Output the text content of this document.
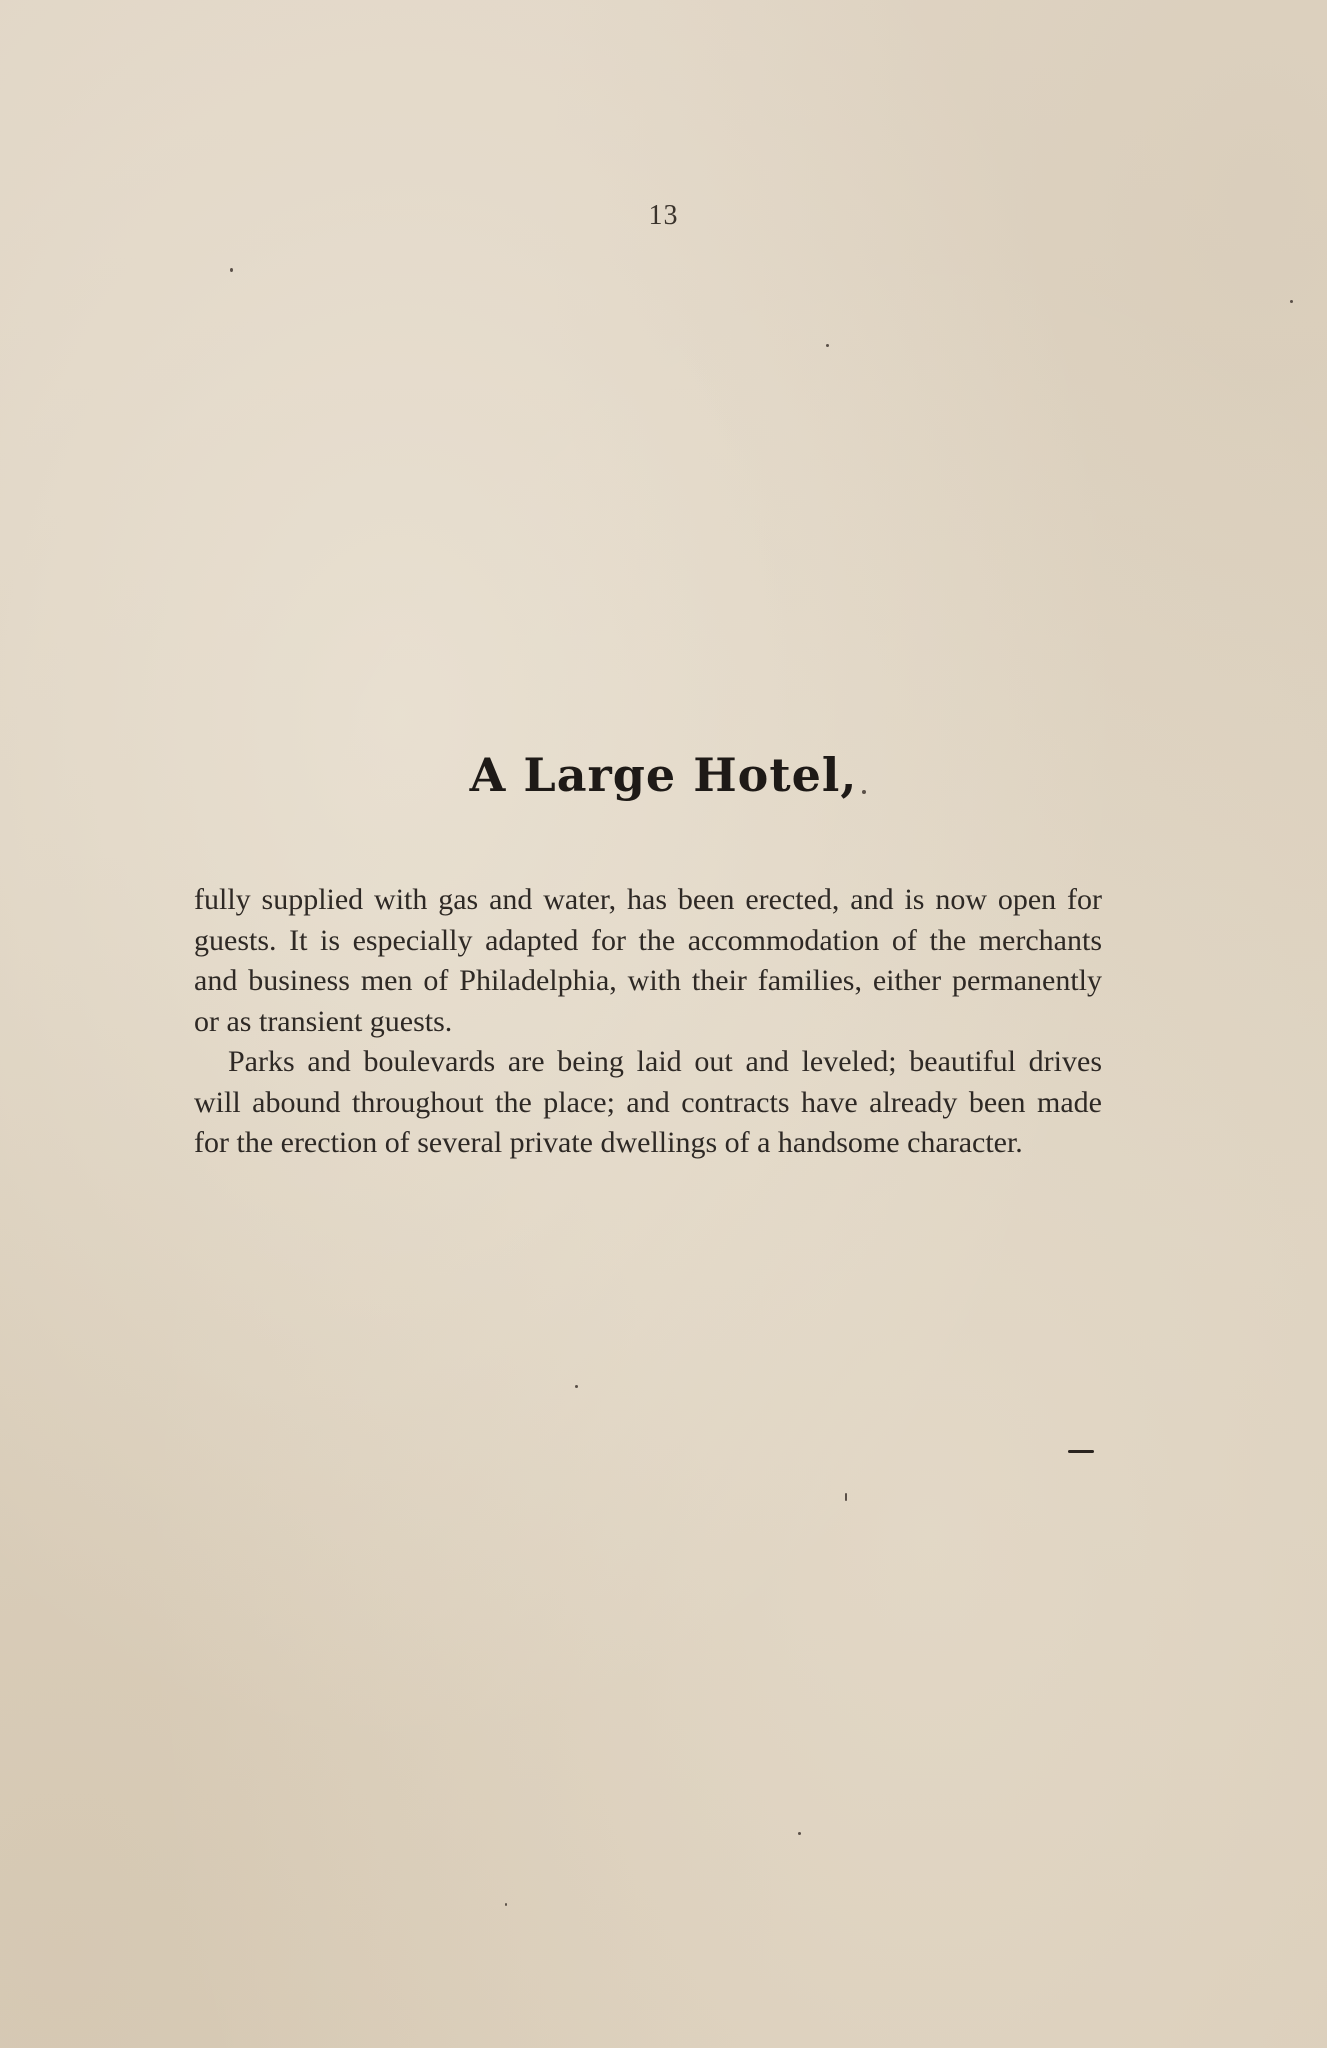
13
A Large Hotel,

fully supplied with gas and water, has been erected, and is now open for guests. It is especially adapted for the accommodation of the merchants and business men of Philadelphia, with their families, either permanently or as transient guests.

Parks and boulevards are being laid out and leveled; beautiful drives will abound throughout the place; and contracts have already been made for the erection of several private dwellings of a handsome character.
